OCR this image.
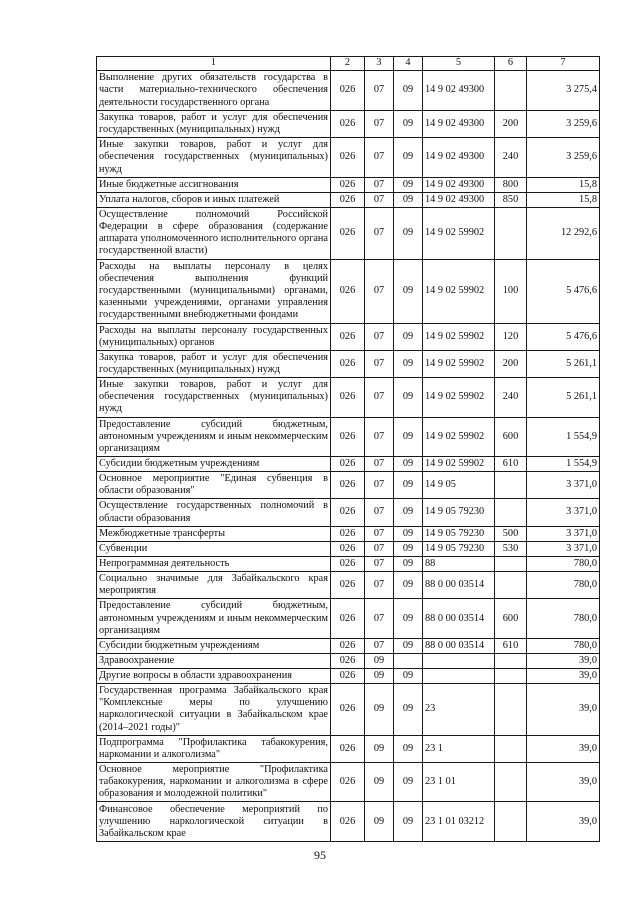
1	2	3	4	5	6	7
Выполнение других обязательств государства в части материально-технического обеспечения деятельности государственного органа	026	07	09	14 9 02 49300		3 275,4
Закупка товаров, работ и услуг для обеспечения государственных (муниципальных) нужд	026	07	09	14 9 02 49300	200	3 259,6
Иные закупки товаров, работ и услуг для обеспечения государственных (муниципальных) нужд	026	07	09	14 9 02 49300	240	3 259,6
Иные бюджетные ассигнования	026	07	09	14 9 02 49300	800	15,8
Уплата налогов, сборов и иных платежей	026	07	09	14 9 02 49300	850	15,8
Осуществление полномочий Российской Федерации в сфере образования (содержание аппарата уполномоченного исполнительного органа государственной власти)	026	07	09	14 9 02 59902		12 292,6
Расходы на выплаты персоналу в целях обеспечения выполнения функций государственными (муниципальными) органами, казенными учреждениями, органами управления государственными внебюджетными фондами	026	07	09	14 9 02 59902	100	5 476,6
Расходы на выплаты персоналу государственных (муниципальных) органов	026	07	09	14 9 02 59902	120	5 476,6
Закупка товаров, работ и услуг для обеспечения государственных (муниципальных) нужд	026	07	09	14 9 02 59902	200	5 261,1
Иные закупки товаров, работ и услуг для обеспечения государственных (муниципальных) нужд	026	07	09	14 9 02 59902	240	5 261,1
Предоставление субсидий бюджетным, автономным учреждениям и иным некоммерческим организациям	026	07	09	14 9 02 59902	600	1 554,9
Субсидии бюджетным учреждениям	026	07	09	14 9 02 59902	610	1 554,9
Основное мероприятие "Единая субвенция в области образования"	026	07	09	14 9 05		3 371,0
Осуществление государственных полномочий в области образования	026	07	09	14 9 05 79230		3 371,0
Межбюджетные трансферты	026	07	09	14 9 05 79230	500	3 371,0
Субвенции	026	07	09	14 9 05 79230	530	3 371,0
Непрограммная деятельность	026	07	09	88		780,0
Социально значимые для Забайкальского края мероприятия	026	07	09	88 0 00 03514		780,0
Предоставление субсидий бюджетным, автономным учреждениям и иным некоммерческим организациям	026	07	09	88 0 00 03514	600	780,0
Субсидии бюджетным учреждениям	026	07	09	88 0 00 03514	610	780,0
Здравоохранение	026	09				39,0
Другие вопросы в области здравоохранения	026	09	09			39,0
Государственная программа Забайкальского края "Комплексные меры по улучшению наркологической ситуации в Забайкальском крае (2014–2021 годы)"	026	09	09	23		39,0
Подпрограмма "Профилактика табакокурения, наркомании и алкоголизма"	026	09	09	23 1		39,0
Основное мероприятие "Профилактика табакокурения, наркомании и алкоголизма в сфере образования и молодежной политики"	026	09	09	23 1 01		39,0
Финансовое обеспечение мероприятий по улучшению наркологической ситуации в Забайкальском крае	026	09	09	23 1 01 03212		39,0
95
